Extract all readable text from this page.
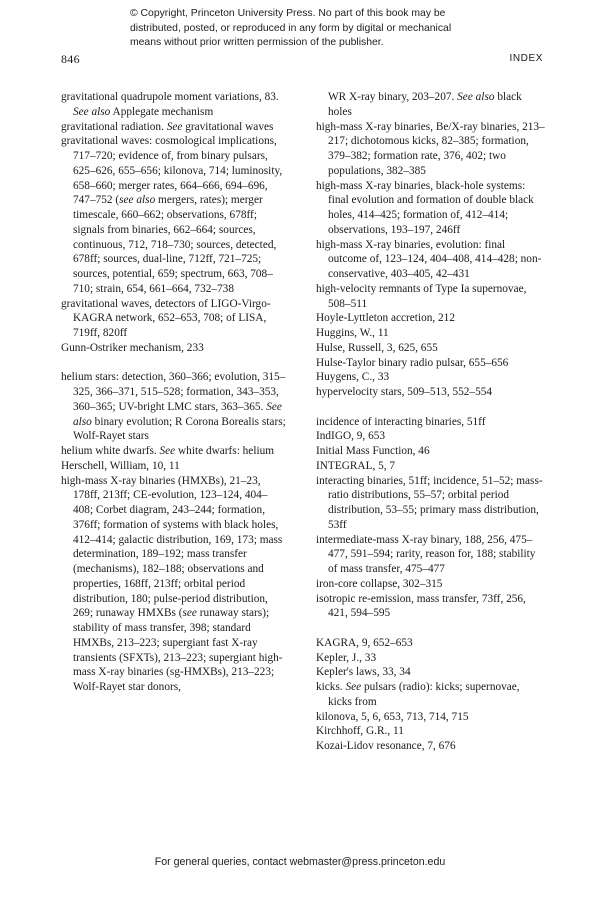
© Copyright, Princeton University Press. No part of this book may be
distributed, posted, or reproduced in any form by digital or mechanical
means without prior written permission of the publisher.
846	INDEX
gravitational quadrupole moment variations, 83. See also Applegate mechanism
gravitational radiation. See gravitational waves
gravitational waves: cosmological implications, 717–720; evidence of, from binary pulsars, 625–626, 655–656; kilonova, 714; luminosity, 658–660; merger rates, 664–666, 694–696, 747–752 (see also mergers, rates); merger timescale, 660–662; observations, 678ff; signals from binaries, 662–664; sources, continuous, 712, 718–730; sources, detected, 678ff; sources, dual-line, 712ff, 721–725; sources, potential, 659; spectrum, 663, 708–710; strain, 654, 661–664, 732–738
gravitational waves, detectors of LIGO-Virgo-KAGRA network, 652–653, 708; of LISA, 719ff, 820ff
Gunn-Ostriker mechanism, 233
helium stars: detection, 360–366; evolution, 315–325, 366–371, 515–528; formation, 343–353, 360–365; UV-bright LMC stars, 363–365. See also binary evolution; R Corona Borealis stars; Wolf-Rayet stars
helium white dwarfs. See white dwarfs: helium
Herschell, William, 10, 11
high-mass X-ray binaries (HMXBs), 21–23, 178ff, 213ff; CE-evolution, 123–124, 404–408; Corbet diagram, 243–244; formation, 376ff; formation of systems with black holes, 412–414; galactic distribution, 169, 173; mass determination, 189–192; mass transfer (mechanisms), 182–188; observations and properties, 168ff, 213ff; orbital period distribution, 180; pulse-period distribution, 269; runaway HMXBs (see runaway stars); stability of mass transfer, 398; standard HMXBs, 213–223; supergiant fast X-ray transients (SFXTs), 213–223; supergiant high-mass X-ray binaries (sg-HMXBs), 213–223; Wolf-Rayet star donors,
WR X-ray binary, 203–207. See also black holes
high-mass X-ray binaries, Be/X-ray binaries, 213–217; dichotomous kicks, 82–385; formation, 379–382; formation rate, 376, 402; two populations, 382–385
high-mass X-ray binaries, black-hole systems: final evolution and formation of double black holes, 414–425; formation of, 412–414; observations, 193–197, 246ff
high-mass X-ray binaries, evolution: final outcome of, 123–124, 404–408, 414–428; non-conservative, 403–405, 42–431
high-velocity remnants of Type Ia supernovae, 508–511
Hoyle-Lyttleton accretion, 212
Huggins, W., 11
Hulse, Russell, 3, 625, 655
Hulse-Taylor binary radio pulsar, 655–656
Huygens, C., 33
hypervelocity stars, 509–513, 552–554
incidence of interacting binaries, 51ff
IndIGO, 9, 653
Initial Mass Function, 46
INTEGRAL, 5, 7
interacting binaries, 51ff; incidence, 51–52; mass-ratio distributions, 55–57; orbital period distribution, 53–55; primary mass distribution, 53ff
intermediate-mass X-ray binary, 188, 256, 475–477, 591–594; rarity, reason for, 188; stability of mass transfer, 475–477
iron-core collapse, 302–315
isotropic re-emission, mass transfer, 73ff, 256, 421, 594–595
KAGRA, 9, 652–653
Kepler, J., 33
Kepler's laws, 33, 34
kicks. See pulsars (radio): kicks; supernovae, kicks from
kilonova, 5, 6, 653, 713, 714, 715
Kirchhoff, G.R., 11
Kozai-Lidov resonance, 7, 676
For general queries, contact webmaster@press.princeton.edu
